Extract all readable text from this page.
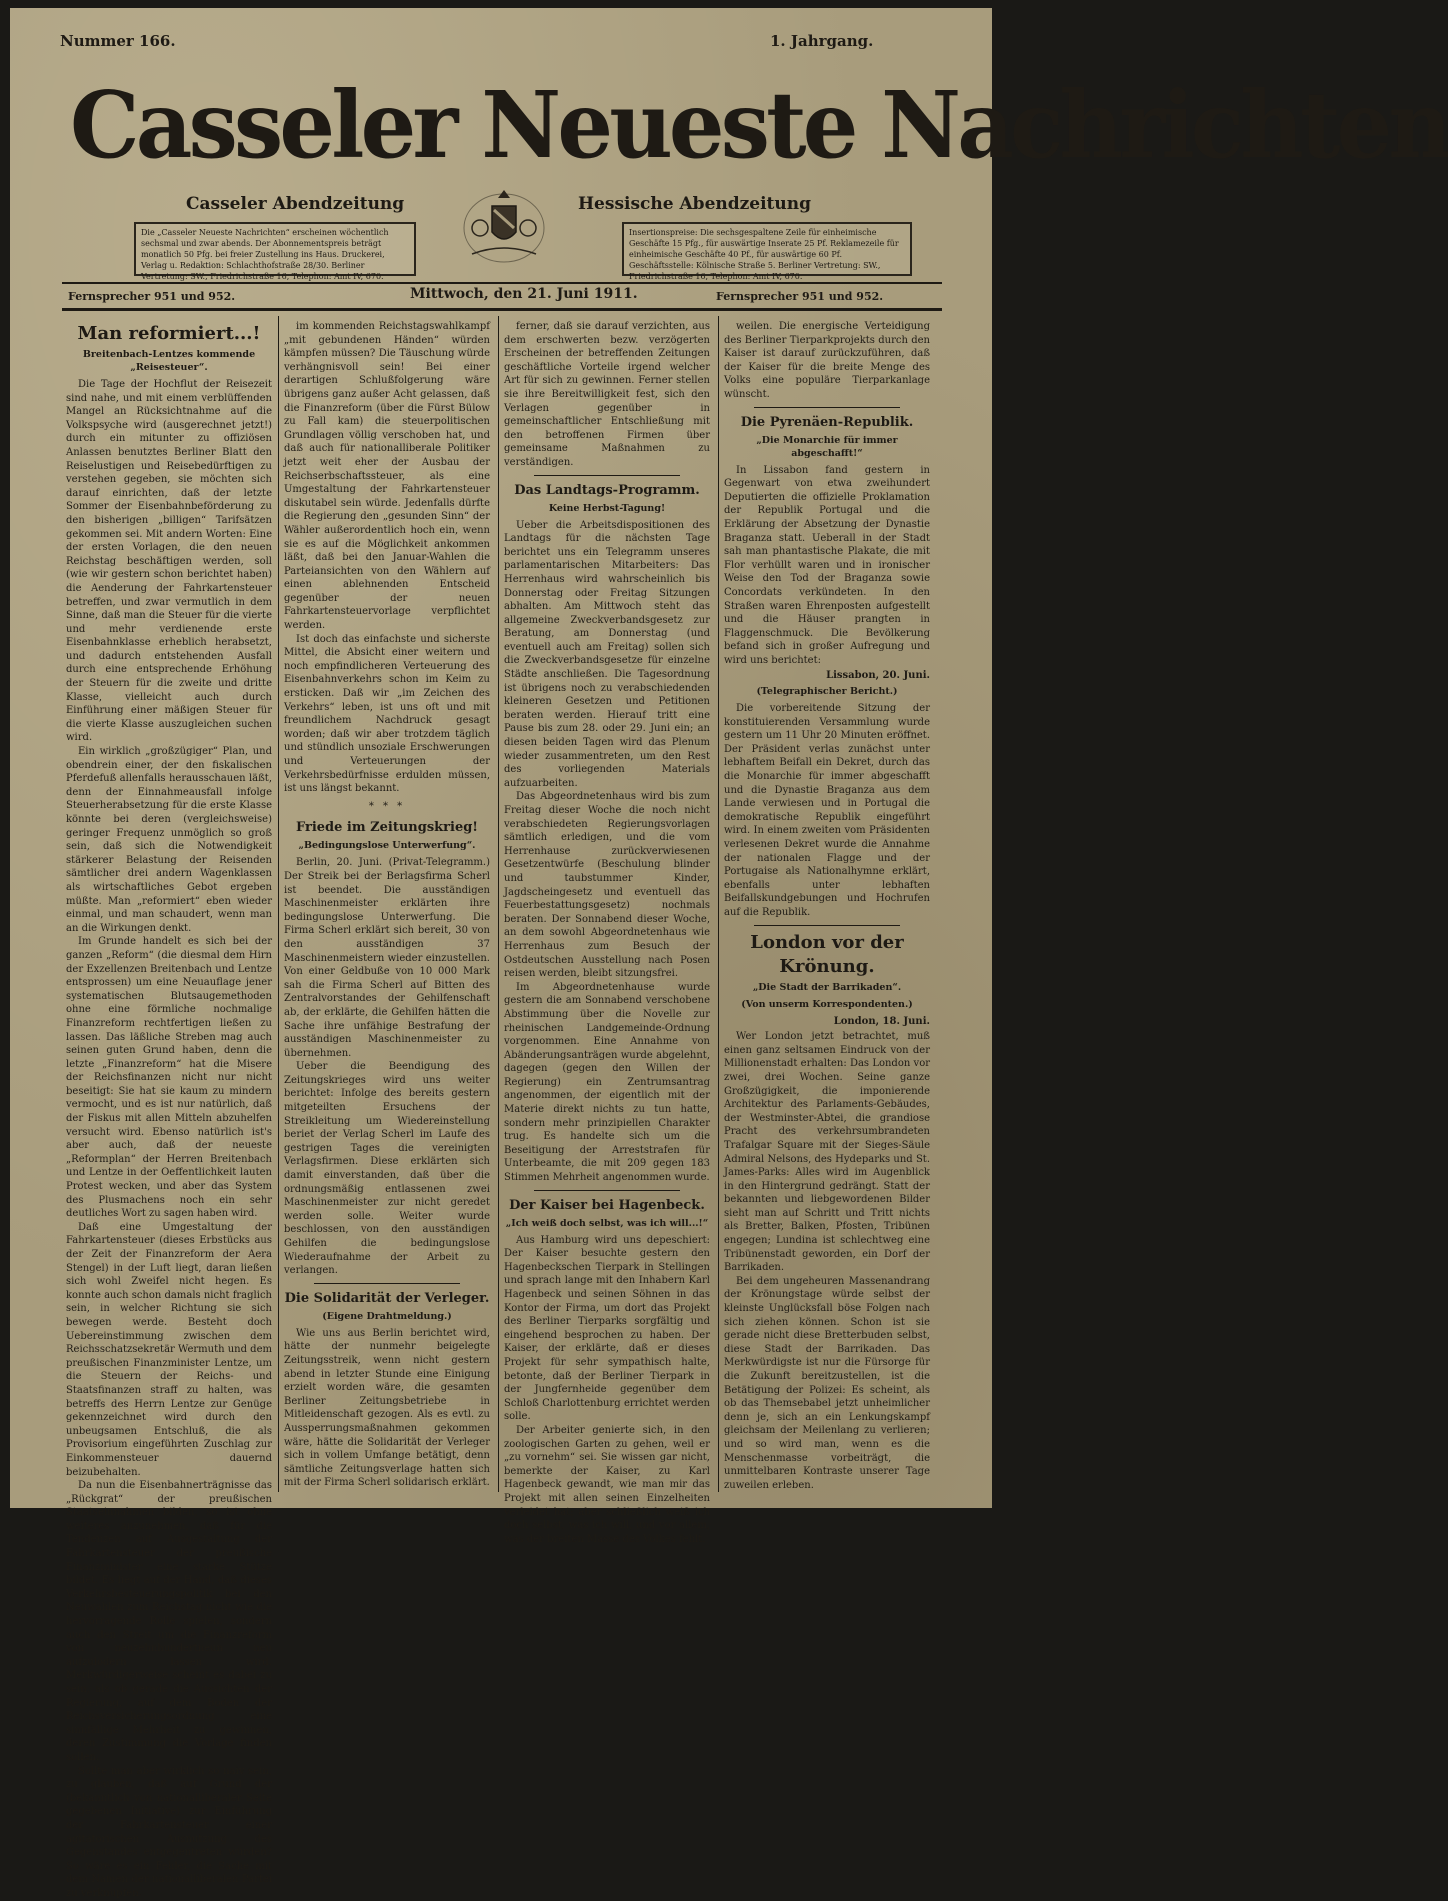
Nummer 166.	1. Jahrgang.
Casseler Neueste Nachrichten
Casseler Abendzeitung	Hessische Abendzeitung
Die „Casseler Neueste Nachrichten“ erscheinen wöchentlich sechsmal und zwar abends. Der Abonnementspreis beträgt monatlich 50 Pfg. bei freier Zustellung ins Haus. Druckerei, Verlag u. Redaktion: Schlachthofstraße 28/30. Berliner Vertretung: SW., Friedrichstraße 16, Telephon: Amt IV, 670.
Insertionspreise: Die sechsgespaltene Zeile für einheimische Geschäfte 15 Pfg., für auswärtige Inserate 25 Pf. Reklamezeile für einheimische Geschäfte 40 Pf., für auswärtige 60 Pf. Geschäftsstelle: Kölnische Straße 5. Berliner Vertretung: SW., Friedrichstraße 16, Telephon: Amt IV, 670.
Fernsprecher 951 und 952.	Mittwoch, den 21. Juni 1911.	Fernsprecher 951 und 952.
Man reformiert...!
Breitenbach-Lentzes kommende „Reisesteuer“.

Die Tage der Hochflut der Reisezeit sind nahe, und mit einem verblüffenden Mangel an Rücksichtnahme auf die Volkspsyche wird (ausgerechnet jetzt!) durch ein mitunter zu offiziösen Anlassen benutztes Berliner Blatt den Reiselustigen und Reisebedürftigen zu verstehen gegeben, sie möchten sich darauf einrichten, daß der letzte Sommer der Eisenbahnbeförderung zu den bisherigen „billigen“ Tarifsätzen gekommen sei. Mit andern Worten: Eine der ersten Vorlagen, die den neuen Reichstag beschäftigen werden, soll (wie wir gestern schon berichtet haben) die Aenderung der Fahrkartensteuer betreffen, und zwar vermutlich in dem Sinne, daß man die Steuer für die vierte und mehr verdienende erste Eisenbahnklasse erheblich herabsetzt, und dadurch entstehenden Ausfall durch eine entsprechende Erhöhung der Steuern für die zweite und dritte Klasse, vielleicht auch durch Einführung einer mäßigen Steuer für die vierte Klasse auszugleichen suchen wird.

Ein wirklich „großzügiger“ Plan, und obendrein einer, der den fiskalischen Pferdefuß allenfalls herausschauen läßt, denn der Einnahmeausfall infolge Steuerherabsetzung für die erste Klasse könnte bei deren (vergleichsweise) geringer Frequenz unmöglich so groß sein, daß sich die Notwendigkeit stärkerer Belastung der Reisenden sämtlicher drei andern Wagenklassen als wirtschaftliches Gebot ergeben müßte. Man „reformiert“ eben wieder einmal, und man schaudert, wenn man an die Wirkungen denkt.

Im Grunde handelt es sich bei der ganzen „Reform“ (die diesmal dem Hirn der Exzellenzen Breitenbach und Lentze entsprossen) um eine Neuauflage jener systematischen Blutsaugemethoden ohne eine förmliche nochmalige Finanzreform rechtfertigen ließen zu lassen. Das läßliche Streben mag auch seinen guten Grund haben, denn die letzte „Finanzreform“ hat die Misere der Reichsfinanzen nicht nur nicht beseitigt: Sie hat sie kaum zu mindern vermocht, und es ist nur natürlich, daß der Fiskus mit allen Mitteln abzuhelfen versucht wird. Ebenso natürlich ist's aber auch, daß der neueste „Reformplan“ der Herren Breitenbach und Lentze in der Oeffentlichkeit lauten Protest wecken, und aber das System des Plusmachens noch ein sehr deutliches Wort zu sagen haben wird.

Daß eine Umgestaltung der Fahrkartensteuer (dieses Erbstücks aus der Zeit der Finanzreform der Aera Stengel) in der Luft liegt, daran ließen sich wohl Zweifel nicht hegen. Es konnte auch schon damals nicht fraglich sein, in welcher Richtung sie sich bewegen werde. Besteht doch Uebereinstimmung zwischen dem Reichsschatzsekretär Wermuth und dem preußischen Finanzminister Lentze, um die Steuern der Reichs- und Staatsfinanzen straff zu halten, was betreffs des Herrn Lentze zur Genüge gekennzeichnet wird durch den unbeugsamen Entschluß, die als Provisorium eingeführten Zuschlag zur Einkommensteuer dauernd beizubehalten.

Da nun die Eisenbahnerträgnisse das „Rückgrat“ der preußischen Staatseinnahmen bilden, so ist ohne weiteres anzunehmen, daß für die Tendenzen auf Ausgestaltung der Fahrkartensteuer der preußische Finanzminister eine starke Stütze bildet. Es liegt auf der Hand, daß dieses Verkehrsbesteuerungspolitik bei den Neuwahlen zum Reichstag nicht wie die hervorragende Rolle spielen, sondern auch den Streit um die Finanzreform von neuzehnhundertneun neu aufzulodern lassen wird. Merkwürdigerweise scheint es dabei zu sein, als ob gerade die Aussichten der Regierung, auf dem Boden der Reichsversicherungsordnung eine sinnfällige Mehrheit zu gewinnen, deren Zustimmung die Vorlage finden sollen.

Sollte man aber wirklich so naiv sein, zu glauben, daß auf Grund der (bekanntlich von nationalliberaler Seite gegebenen Initiative) zur Einführung der Fahrkartensteuer einer agitatorischen Ausnutzung des Gegenstandes entgegentreten würden? So wäre es ein Fehler, die Sache mit dem Namen der nationalliberalen Partei zu verknüpfen.

im kommenden Reichstagswahlkampf „mit gebundenen Händen“ würden kämpfen müssen? Die Täuschung würde verhängnisvoll sein! Bei einer derartigen Schlußfolgerung wäre übrigens ganz außer Acht gelassen, daß die Finanzreform (über die Fürst Bülow zu Fall kam) die steuerpolitischen Grundlagen völlig verschoben hat, und daß auch für nationalliberale Politiker jetzt weit eher der Ausbau der Reichserbschaftssteuer, als eine Umgestaltung der Fahrkartensteuer diskutabel sein würde. Jedenfalls dürfte die Regierung den „gesunden Sinn“ der Wähler außerordentlich hoch ein, wenn sie es auf die Möglichkeit ankommen läßt, daß bei den Januar-Wahlen die Parteiansichten von den Wählern auf einen ablehnenden Entscheid gegenüber der neuen Fahrkartensteuervorlage verpflichtet werden.

Ist doch das einfachste und sicherste Mittel, die Absicht einer weitern und noch empfindlicheren Verteuerung des Eisenbahnverkehrs schon im Keim zu ersticken. Daß wir „im Zeichen des Verkehrs“ leben, ist uns oft und mit freundlichem Nachdruck gesagt worden; daß wir aber trotzdem täglich und stündlich unsoziale Erschwerungen und Verteuerungen der Verkehrsbedürfnisse erdulden müssen, ist uns längst bekannt.

* * *
Friede im Zeitungskrieg!
„Bedingungslose Unterwerfung“.

Berlin, 20. Juni. (Privat-Telegramm.) Der Streik bei der Berlagsfirma Scherl ist beendet. Die ausständigen Maschinenmeister erklärten ihre bedingungslose Unterwerfung. Die Firma Scherl erklärt sich bereit, 30 von den ausständigen 37 Maschinenmeistern wieder einzustellen. Von einer Geldbuße von 10 000 Mark sah die Firma Scherl auf Bitten des Zentralvorstandes der Gehilfenschaft ab, der erklärte, die Gehilfen hätten die Sache ihre unfähige Bestrafung der ausständigen Maschinenmeister zu übernehmen.

Ueber die Beendigung des Zeitungskrieges wird uns weiter berichtet: Infolge des bereits gestern mitgeteilten Ersuchens der Streikleitung um Wiedereinstellung beriet der Verlag Scherl im Laufe des gestrigen Tages die vereinigten Verlagsfirmen. Diese erklärten sich damit einverstanden, daß über die ordnungsmäßig entlassenen zwei Maschinenmeister zur nicht geredet werden solle. Weiter wurde beschlossen, von den ausständigen Gehilfen die bedingungslose Wiederaufnahme der Arbeit zu verlangen.

Die Solidarität der Verleger.
(Eigene Drahtmeldung.)

Wie uns aus Berlin berichtet wird, hätte der nunmehr beigelegte Zeitungsstreik, wenn nicht gestern abend in letzter Stunde eine Einigung erzielt worden wäre, die gesamten Berliner Zeitungsbetriebe in Mitleidenschaft gezogen. Als es evtl. zu Aussperrungsmaßnahmen gekommen wäre, hätte die Solidarität der Verleger sich in vollem Umfange betätigt, denn sämtliche Zeitungsverlage hatten sich mit der Firma Scherl solidarisch erklärt.

ferner, daß sie darauf verzichten, aus dem erschwerten bezw. verzögerten Erscheinen der betreffenden Zeitungen geschäftliche Vorteile irgend welcher Art für sich zu gewinnen. Ferner stellen sie ihre Bereitwilligkeit fest, sich den Verlagen gegenüber in gemeinschaftlicher Entschließung mit den betroffenen Firmen über gemeinsame Maßnahmen zu verständigen.

Das Landtags-Programm.
Keine Herbst-Tagung!

Ueber die Arbeitsdispositionen des Landtags für die nächsten Tage berichtet uns ein Telegramm unseres parlamentarischen Mitarbeiters: Das Herrenhaus wird wahrscheinlich bis Donnerstag oder Freitag Sitzungen abhalten. Am Mittwoch steht das allgemeine Zweckverbandsgesetz zur Beratung, am Donnerstag (und eventuell auch am Freitag) sollen sich die Zweckverbandsgesetze für einzelne Städte anschließen. Die Tagesordnung ist übrigens noch zu verabschiedenden kleineren Gesetzen und Petitionen beraten werden. Hierauf tritt eine Pause bis zum 28. oder 29. Juni ein; an diesen beiden Tagen wird das Plenum wieder zusammentreten, um den Rest des vorliegenden Materials aufzuarbeiten.

Das Abgeordnetenhaus wird bis zum Freitag dieser Woche die noch nicht verabschiedeten Regierungsvorlagen sämtlich erledigen, und die vom Herrenhause zurückverwiesenen Gesetzentwürfe (Beschulung blinder und taubstummer Kinder, Jagdscheingesetz und eventuell das Feuerbestattungsgesetz) nochmals beraten. Der Sonnabend dieser Woche, an dem sowohl Abgeordnetenhaus wie Herrenhaus zum Besuch der Ostdeutschen Ausstellung nach Posen reisen werden, bleibt sitzungsfrei.

Im Abgeordnetenhause wurde gestern die am Sonnabend verschobene Abstimmung über die Novelle zur rheinischen Landgemeinde-Ordnung vorgenommen. Eine Annahme von Abänderungsanträgen wurde abgelehnt, dagegen (gegen den Willen der Regierung) ein Zentrumsantrag angenommen, der eigentlich mit der Materie direkt nichts zu tun hatte, sondern mehr prinzipiellen Charakter trug. Es handelte sich um die Beseitigung der Arreststrafen für Unterbeamte, die mit 209 gegen 183 Stimmen Mehrheit angenommen wurde.

Der Kaiser bei Hagenbeck.
„Ich weiß doch selbst, was ich will...!“

Aus Hamburg wird uns depeschiert: Der Kaiser besuchte gestern den Hagenbeckschen Tierpark in Stellingen und sprach lange mit den Inhabern Karl Hagenbeck und seinen Söhnen in das Kontor der Firma, um dort das Projekt des Berliner Tierparks sorgfältig und eingehend besprochen zu haben. Der Kaiser, der erklärte, daß er dieses Projekt für sehr sympathisch halte, betonte, daß der Berliner Tierpark in der Jungfernheide gegenüber dem Schloß Charlottenburg errichtet werden solle.

Der Arbeiter genierte sich, in den zoologischen Garten zu gehen, weil er „zu vornehm“ sei. Sie wissen gar nicht, bemerkte der Kaiser, zu Karl Hagenbeck gewandt, wie man mir das Projekt mit allen seinen Einzelheiten verleidet hat; aber schließlich weiß ich doch selbst, was ich will, und vor allem, was der breiten Masse des Volkes fehlt.

weilen. Die energische Verteidigung des Berliner Tierparkprojekts durch den Kaiser ist darauf zurückzuführen, daß der Kaiser für die breite Menge des Volks eine populäre Tierparkanlage wünscht.

Die Pyrenäen-Republik.
„Die Monarchie für immer abgeschafft!“

In Lissabon fand gestern in Gegenwart von etwa zweihundert Deputierten die offizielle Proklamation der Republik Portugal und die Erklärung der Absetzung der Dynastie Braganza statt. Ueberall in der Stadt sah man phantastische Plakate, die mit Flor verhüllt waren und in ironischer Weise den Tod der Braganza sowie Concordats verkündeten. In den Straßen waren Ehrenposten aufgestellt und die Häuser prangten in Flaggenschmuck. Die Bevölkerung befand sich in großer Aufregung und wird uns berichtet:

Lissabon, 20. Juni.
(Telegraphischer Bericht.)

Die vorbereitende Sitzung der konstituierenden Versammlung wurde gestern um 11 Uhr 20 Minuten eröffnet. Der Präsident verlas zunächst unter lebhaftem Beifall ein Dekret, durch das die Monarchie für immer abgeschafft und die Dynastie Braganza aus dem Lande verwiesen und in Portugal die demokratische Republik eingeführt wird. In einem zweiten vom Präsidenten verlesenen Dekret wurde die Annahme der nationalen Flagge und der Portugaise als Nationalhymne erklärt, ebenfalls unter lebhaften Beifallskundgebungen und Hochrufen auf die Republik.

London vor der Krönung.
„Die Stadt der Barrikaden“.
(Von unserm Korrespondenten.)
London, 18. Juni.

Wer London jetzt betrachtet, muß einen ganz seltsamen Eindruck von der Millionenstadt erhalten: Das London vor zwei, drei Wochen. Seine ganze Großzügigkeit, die imponierende Architektur des Parlaments-Gebäudes, der Westminster-Abtei, die grandiose Pracht des verkehrsumbrandeten Trafalgar Square mit der Sieges-Säule Admiral Nelsons, des Hydeparks und St. James-Parks: Alles wird im Augenblick in den Hintergrund gedrängt. Statt der bekannten und liebgewordenen Bilder sieht man auf Schritt und Tritt nichts als Bretter, Balken, Pfosten, Tribünen engegen; Lundina ist schlechtweg eine Tribünenstadt geworden, ein Dorf der Barrikaden.

Bei dem ungeheuren Massenandrang der Krönungstage würde selbst der kleinste Unglücksfall böse Folgen nach sich ziehen können. Schon ist sie gerade nicht diese Bretterbuden selbst, diese Stadt der Barrikaden. Das Merkwürdigste ist nur die Fürsorge für die Zukunft bereitzustellen, ist die Betätigung der Polizei: Es scheint, als ob das Themsebabel jetzt unheimlicher denn je, sich an ein Lenkungskampf gleichsam der Meilenlang zu verlieren; und so wird man, wenn es die Menschenmasse vorbeiträgt, die unmittelbaren Kontraste unserer Tage zuweilen erleben.
